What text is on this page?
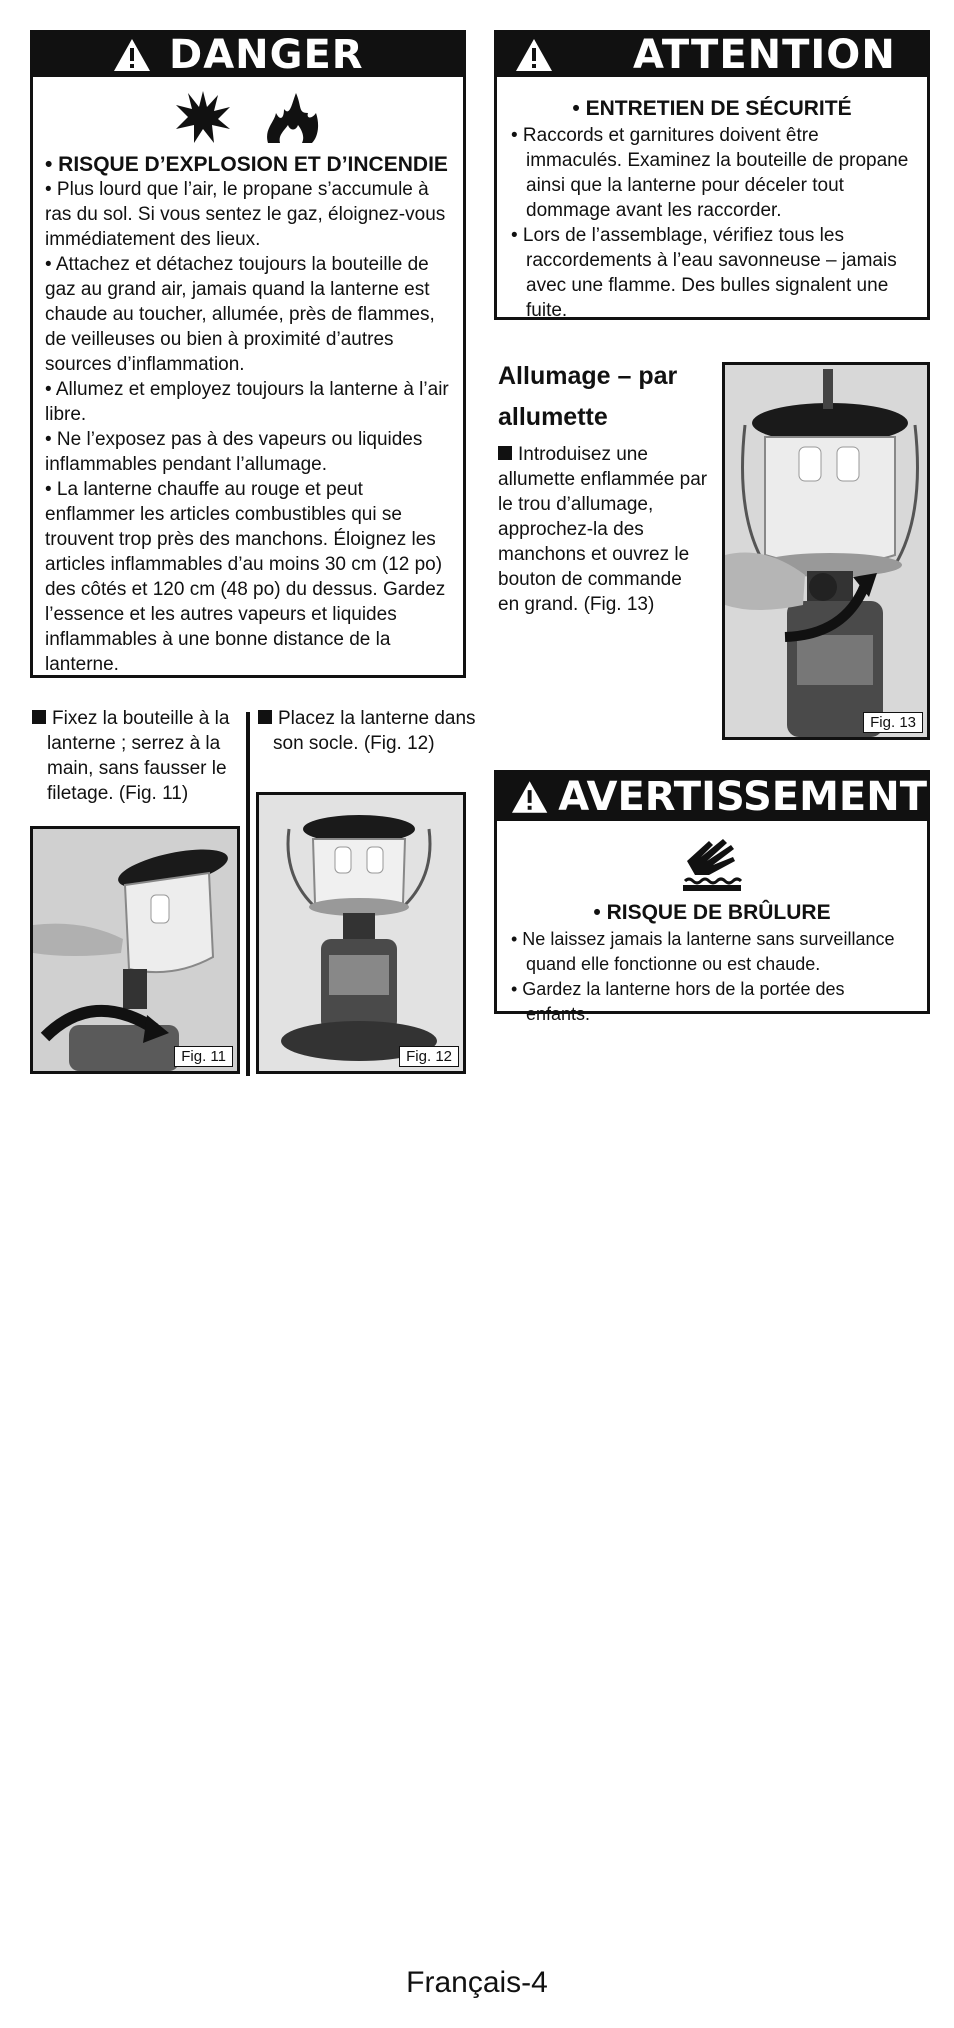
DANGER
• RISQUE D’EXPLOSION ET D’INCENDIE

• Plus lourd que l’air, le propane s’accumule à ras du sol. Si vous sentez le gaz, éloignez-vous immédiatement des lieux.

• Attachez et détachez toujours la bouteille de gaz au grand air, jamais quand la lanterne est chaude au toucher, allumée, près de flammes, de veilleuses ou bien à proximité d’autres sources d’inflammation.

• Allumez et employez toujours la lanterne à l’air libre.

• Ne l’exposez pas à des vapeurs ou liquides inflammables pendant l’allumage.

• La lanterne chauffe au rouge et peut enflammer les articles combustibles qui se trouvent trop près des manchons. Éloignez les articles inflammables d’au moins 30 cm (12 po) des côtés et 120 cm (48 po) du dessus. Gardez l’essence et les autres vapeurs et liquides inflammables à une bonne distance de la lanterne.

ATTENTION
• ENTRETIEN DE SÉCURITÉ

• Raccords et garnitures doivent être immaculés. Examinez la bouteille de propane ainsi que la lanterne pour déceler tout dommage avant les raccorder.

• Lors de l’assemblage, vérifiez tous les raccordements à l’eau savonneuse – jamais avec une flamme. Des bulles signalent une fuite.

Allumage – par allumette
Introduisez une allumette enflammée par le trou d’allumage, approchez-la des manchons et ouvrez le bouton de commande en grand. (Fig. 13)
Fig. 13
Fixez la bouteille à la lanterne ; serrez à la main, sans fausser le filetage. (Fig. 11)
Placez la lanterne dans son socle. (Fig. 12)
Fig. 11	Fig. 12
AVERTISSEMENT
• RISQUE DE BRÛLURE

• Ne laissez jamais la lanterne sans surveillance quand elle fonctionne ou est chaude.

• Gardez la lanterne hors de la portée des enfants.

Français-4
